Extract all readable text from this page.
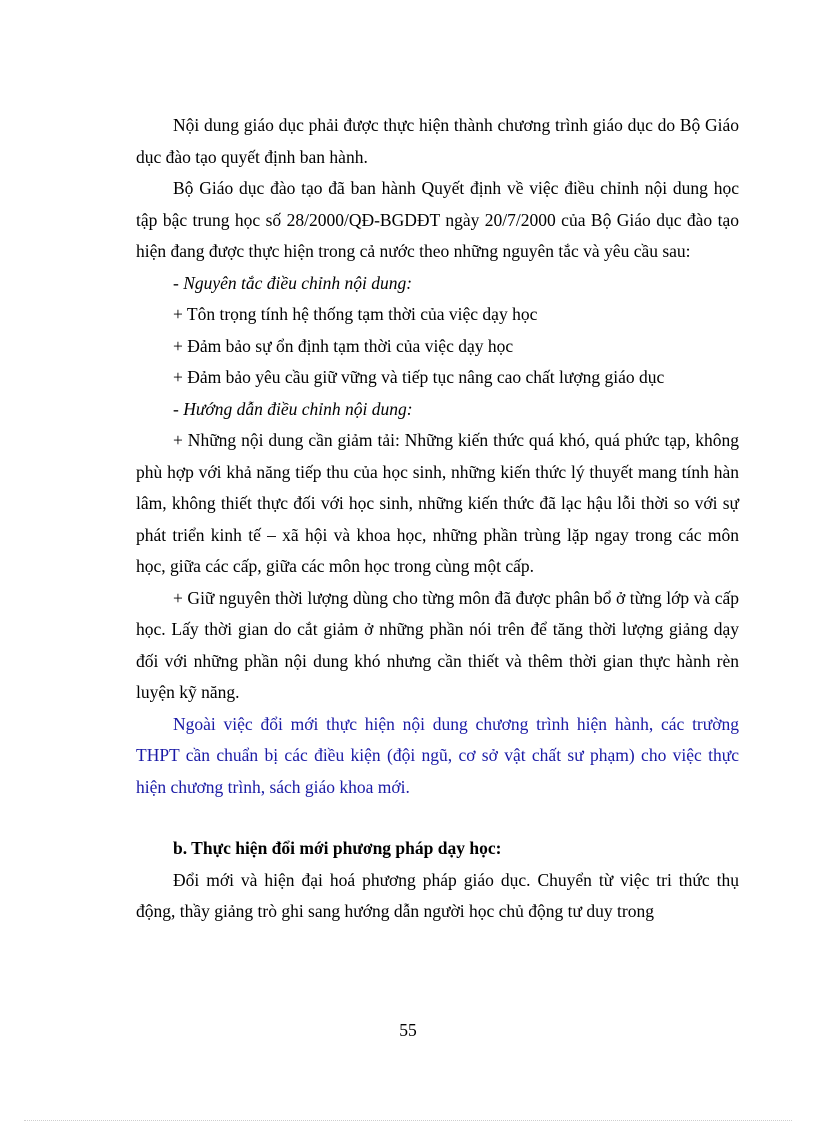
Nội dung giáo dục phải được thực hiện thành chương trình giáo dục do Bộ Giáo dục đào tạo quyết định ban hành.

Bộ Giáo dục đào tạo đã ban hành Quyết định về việc điều chỉnh nội dung học tập bậc trung học số 28/2000/QĐ-BGDĐT ngày 20/7/2000 của Bộ Giáo dục đào tạo hiện đang được thực hiện trong cả nước theo những nguyên tắc và yêu cầu sau:

- Nguyên tắc điều chỉnh nội dung:

+ Tôn trọng tính hệ thống tạm thời của việc dạy học

+ Đảm bảo sự ổn định tạm thời của việc dạy học

+ Đảm bảo yêu cầu giữ vững và tiếp tục nâng cao chất lượng giáo dục

- Hướng dẫn điều chỉnh nội dung:

+ Những nội dung cần giảm tải: Những kiến thức quá khó, quá phức tạp, không phù hợp với khả năng tiếp thu của học sinh, những kiến thức lý thuyết mang tính hàn lâm, không thiết thực đối với học sinh, những kiến thức đã lạc hậu lỗi thời so với sự phát triển kinh tế – xã hội và khoa học, những phần trùng lặp ngay trong các môn học, giữa các cấp, giữa các môn học trong cùng một cấp.

+ Giữ nguyên thời lượng dùng cho từng môn đã được phân bổ ở từng lớp và cấp học. Lấy thời gian do cắt giảm ở những phần nói trên để tăng thời lượng giảng dạy đối với những phần nội dung khó nhưng cần thiết và thêm thời gian thực hành rèn luyện kỹ năng.

Ngoài việc đổi mới thực hiện nội dung chương trình hiện hành, các trường THPT cần chuẩn bị các điều kiện (đội ngũ, cơ sở vật chất sư phạm) cho việc thực hiện chương trình, sách giáo khoa mới.

b. Thực hiện đổi mới phương pháp dạy học:

Đổi mới và hiện đại hoá phương pháp giáo dục. Chuyển từ việc tri thức thụ động, thầy giảng trò ghi sang hướng dẫn người học chủ động tư duy trong

55
